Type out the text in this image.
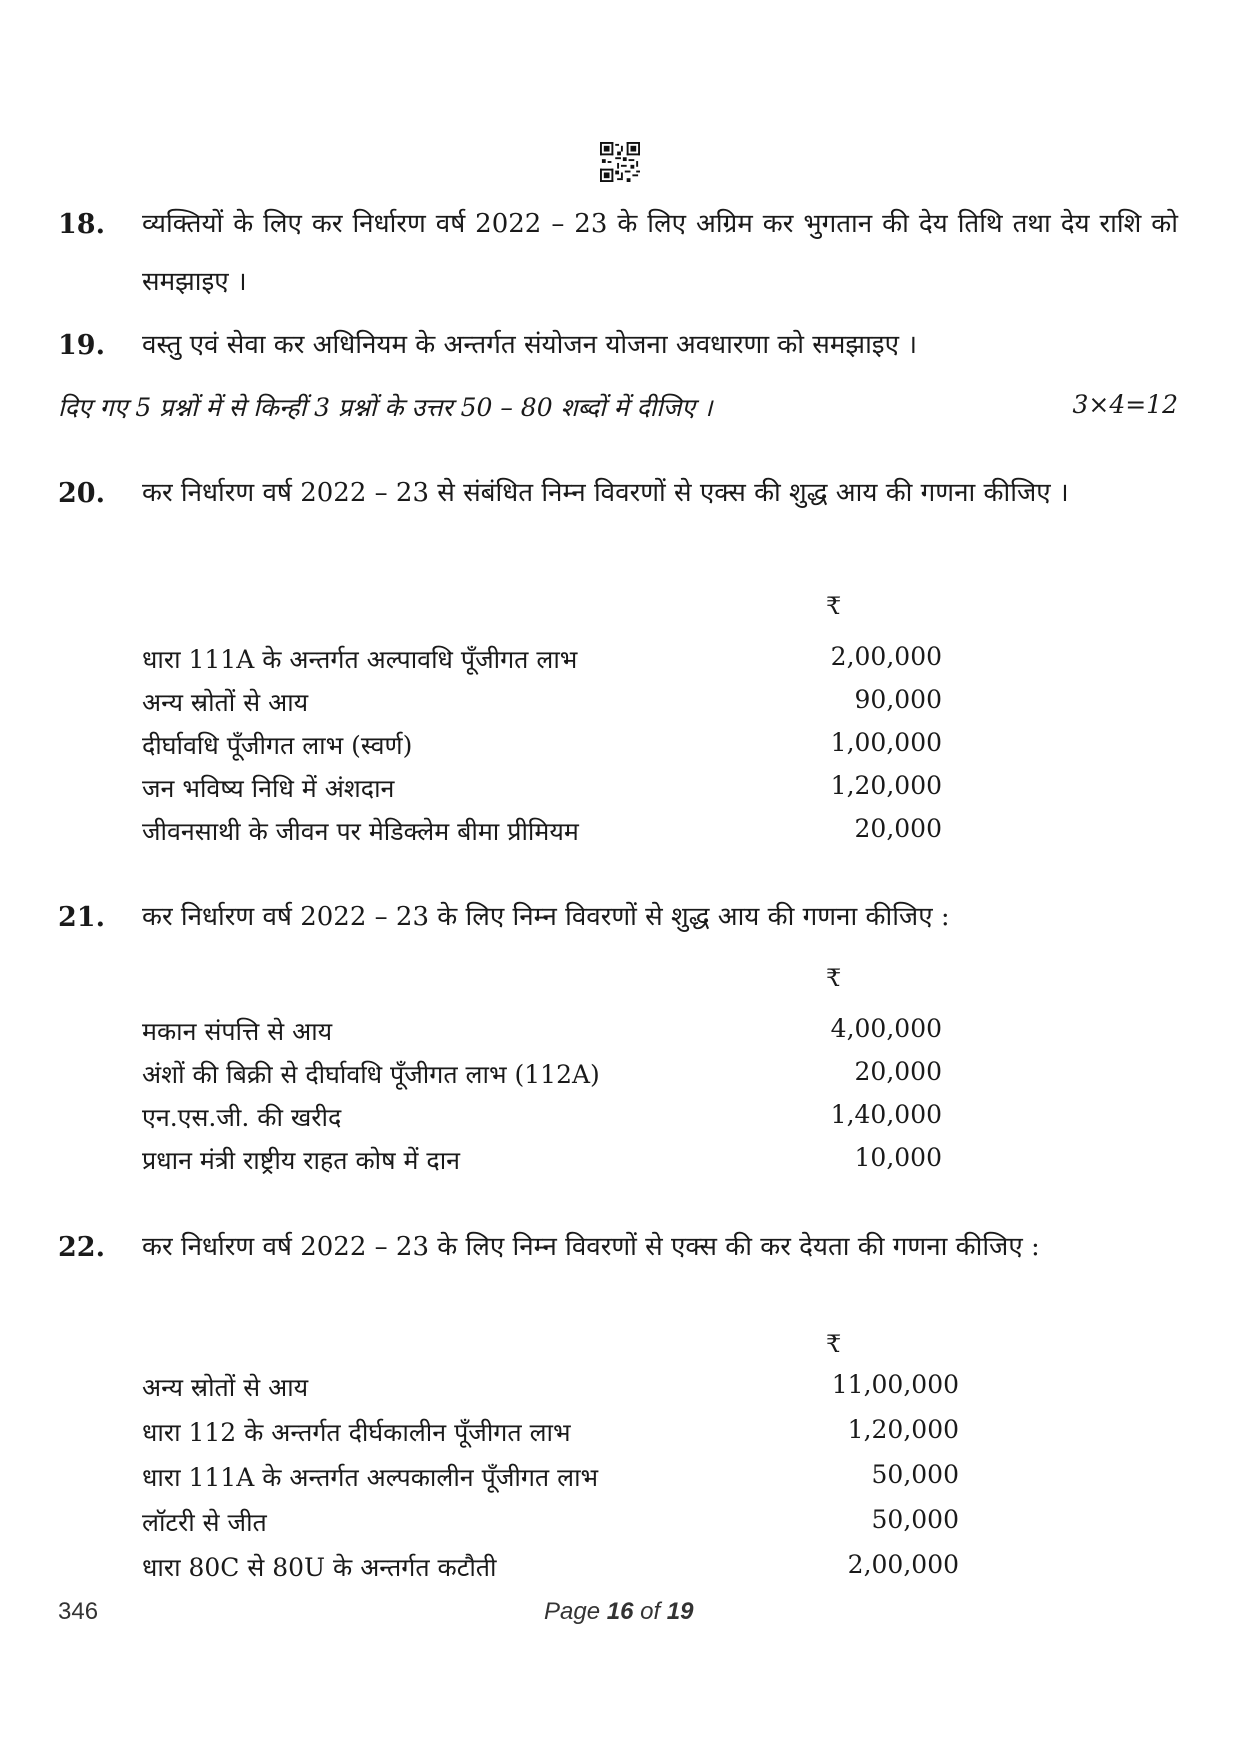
18. व्यक्तियों के लिए कर निर्धारण वर्ष 2022 – 23 के लिए अग्रिम कर भुगतान की देय तिथि तथा देय राशि को समझाइए ।
19. वस्तु एवं सेवा कर अधिनियम के अन्तर्गत संयोजन योजना अवधारणा को समझाइए ।
दिए गए 5 प्रश्नों में से किन्हीं 3 प्रश्नों के उत्तर 50 – 80 शब्दों में दीजिए ।	3×4=12
20. कर निर्धारण वर्ष 2022 – 23 से संबंधित निम्न विवरणों से एक्स की शुद्ध आय की गणना कीजिए ।
₹
धारा 111A के अन्तर्गत अल्पावधि पूँजीगत लाभ	2,00,000
अन्य स्रोतों से आय	90,000
दीर्घावधि पूँजीगत लाभ (स्वर्ण)	1,00,000
जन भविष्य निधि में अंशदान	1,20,000
जीवनसाथी के जीवन पर मेडिक्लेम बीमा प्रीमियम	20,000
21. कर निर्धारण वर्ष 2022 – 23 के लिए निम्न विवरणों से शुद्ध आय की गणना कीजिए :
₹
मकान संपत्ति से आय	4,00,000
अंशों की बिक्री से दीर्घावधि पूँजीगत लाभ (112A)	20,000
एन.एस.जी. की खरीद	1,40,000
प्रधान मंत्री राष्ट्रीय राहत कोष में दान	10,000
22. कर निर्धारण वर्ष 2022 – 23 के लिए निम्न विवरणों से एक्स की कर देयता की गणना कीजिए :
₹
अन्य स्रोतों से आय	11,00,000
धारा 112 के अन्तर्गत दीर्घकालीन पूँजीगत लाभ	1,20,000
धारा 111A के अन्तर्गत अल्पकालीन पूँजीगत लाभ	50,000
लॉटरी से जीत	50,000
धारा 80C से 80U के अन्तर्गत कटौती	2,00,000
346	Page 16 of 19
